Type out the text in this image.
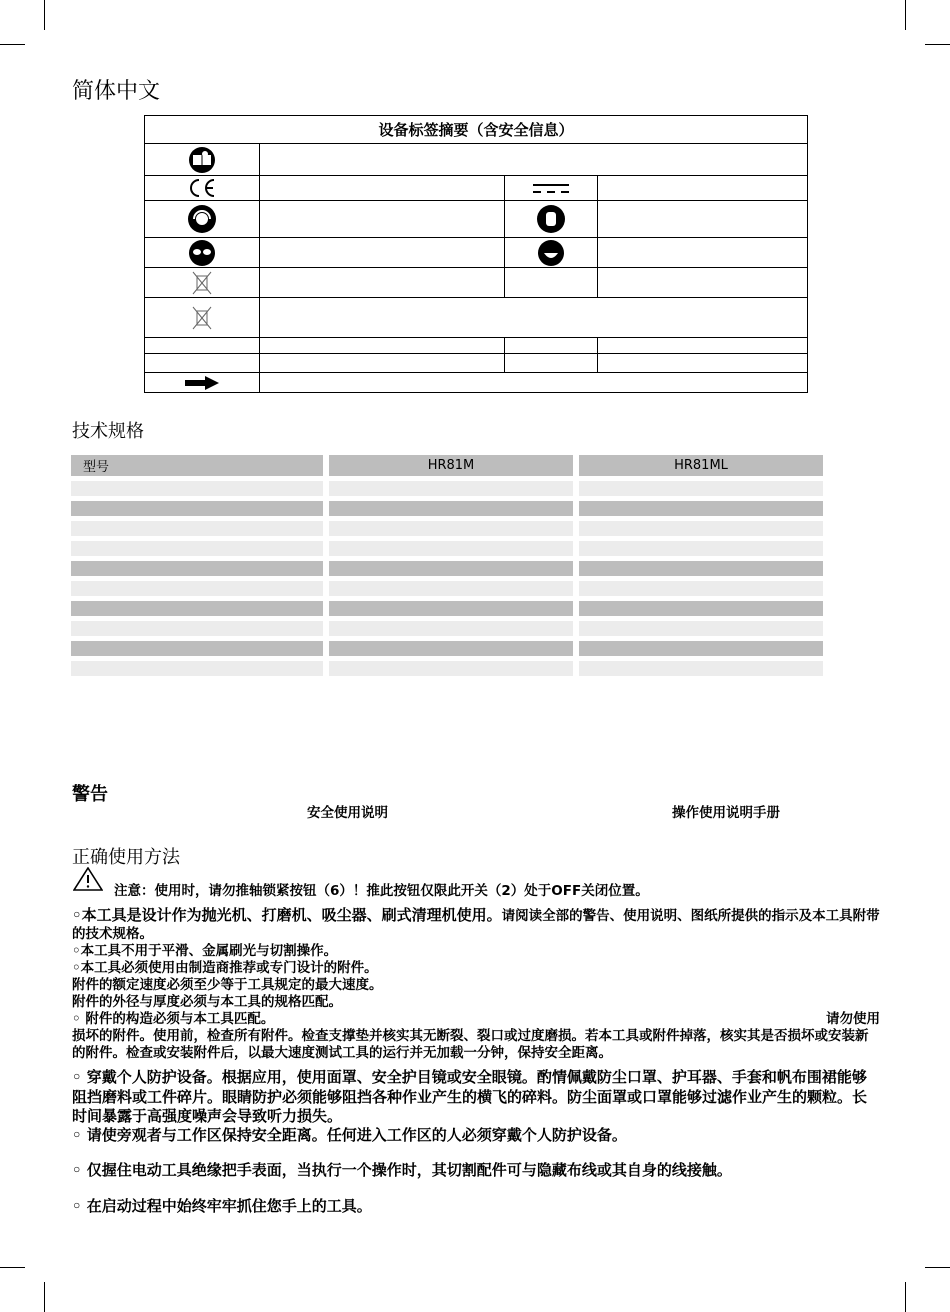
简体中文
设备标签摘要（含安全信息）			

技术规格
型号	HR81M	HR81ML

警告
安全使用说明	操作使用说明手册
正确使用方法
注意：使用时，请勿推轴锁紧按钮（6）！推此按钮仅限此开关（2）处于OFF关闭位置。

◦本工具是设计作为抛光机、打磨机、吸尘器、刷式清理机使用。请阅读全部的警告、使用说明、图纸所提供的指示及本工具附带的技术规格。

◦本工具不用于平滑、金属刷光与切割操作。

◦本工具必须使用由制造商推荐或专门设计的附件。

附件的额定速度必须至少等于工具规定的最大速度。

附件的外径与厚度必须与本工具的规格匹配。

◦ 附件的构造必须与本工具匹配。	请勿使用

损坏的附件。使用前，检查所有附件。检查支撑垫并核实其无断裂、裂口或过度磨损。若本工具或附件掉落，核实其是否损坏或安装新的附件。检查或安装附件后，以最大速度测试工具的运行并无加载一分钟，保持安全距离。

◦ 穿戴个人防护设备。根据应用，使用面罩、安全护目镜或安全眼镜。酌情佩戴防尘口罩、护耳器、手套和帆布围裙能够阻挡磨料或工件碎片。眼睛防护必须能够阻挡各种作业产生的横飞的碎料。防尘面罩或口罩能够过滤作业产生的颗粒。长时间暴露于高强度噪声会导致听力损失。
◦ 请使旁观者与工作区保持安全距离。任何进入工作区的人必须穿戴个人防护设备。
◦ 仅握住电动工具绝缘把手表面，当执行一个操作时，其切割配件可与隐藏布线或其自身的线接触。
◦ 在启动过程中始终牢牢抓住您手上的工具。
